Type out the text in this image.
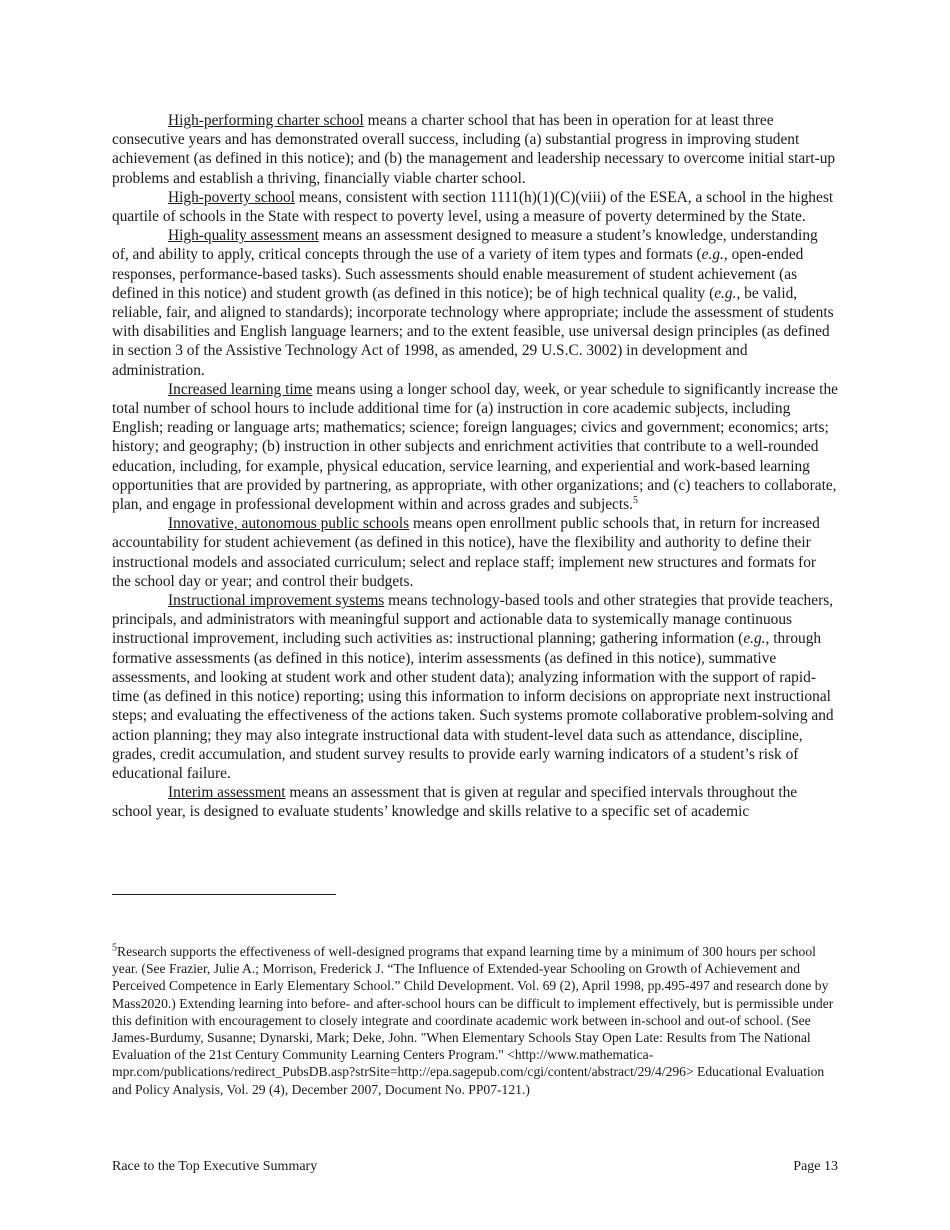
High-performing charter school means a charter school that has been in operation for at least three consecutive years and has demonstrated overall success, including (a) substantial progress in improving student achievement (as defined in this notice); and (b) the management and leadership necessary to overcome initial start-up problems and establish a thriving, financially viable charter school.

High-poverty school means, consistent with section 1111(h)(1)(C)(viii) of the ESEA, a school in the highest quartile of schools in the State with respect to poverty level, using a measure of poverty determined by the State.

High-quality assessment means an assessment designed to measure a student’s knowledge, understanding of, and ability to apply, critical concepts through the use of a variety of item types and formats (e.g., open-ended responses, performance-based tasks). Such assessments should enable measurement of student achievement (as defined in this notice) and student growth (as defined in this notice); be of high technical quality (e.g., be valid, reliable, fair, and aligned to standards); incorporate technology where appropriate; include the assessment of students with disabilities and English language learners; and to the extent feasible, use universal design principles (as defined in section 3 of the Assistive Technology Act of 1998, as amended, 29 U.S.C. 3002) in development and administration.

Increased learning time means using a longer school day, week, or year schedule to significantly increase the total number of school hours to include additional time for (a) instruction in core academic subjects, including English; reading or language arts; mathematics; science; foreign languages; civics and government; economics; arts; history; and geography; (b) instruction in other subjects and enrichment activities that contribute to a well-rounded education, including, for example, physical education, service learning, and experiential and work-based learning opportunities that are provided by partnering, as appropriate, with other organizations; and (c) teachers to collaborate, plan, and engage in professional development within and across grades and subjects.$^5$

Innovative, autonomous public schools means open enrollment public schools that, in return for increased accountability for student achievement (as defined in this notice), have the flexibility and authority to define their instructional models and associated curriculum; select and replace staff; implement new structures and formats for the school day or year; and control their budgets.

Instructional improvement systems means technology-based tools and other strategies that provide teachers, principals, and administrators with meaningful support and actionable data to systemically manage continuous instructional improvement, including such activities as: instructional planning; gathering information (e.g., through formative assessments (as defined in this notice), interim assessments (as defined in this notice), summative assessments, and looking at student work and other student data); analyzing information with the support of rapid-time (as defined in this notice) reporting; using this information to inform decisions on appropriate next instructional steps; and evaluating the effectiveness of the actions taken. Such systems promote collaborative problem-solving and action planning; they may also integrate instructional data with student-level data such as attendance, discipline, grades, credit accumulation, and student survey results to provide early warning indicators of a student’s risk of educational failure.

Interim assessment means an assessment that is given at regular and specified intervals throughout the school year, is designed to evaluate students’ knowledge and skills relative to a specific set of academic

$^5$Research supports the effectiveness of well-designed programs that expand learning time by a minimum of 300 hours per school year. (See Frazier, Julie A.; Morrison, Frederick J. “The Influence of Extended-year Schooling on Growth of Achievement and Perceived Competence in Early Elementary School.” Child Development. Vol. 69 (2), April 1998, pp.495-497 and research done by Mass2020.) Extending learning into before- and after-school hours can be difficult to implement effectively, but is permissible under this definition with encouragement to closely integrate and coordinate academic work between in-school and out-of school. (See James-Burdumy, Susanne; Dynarski, Mark; Deke, John. "When Elementary Schools Stay Open Late: Results from The National Evaluation of the 21st Century Community Learning Centers Program." <http://www.mathematica-mpr.com/publications/redirect_PubsDB.asp?strSite=http://epa.sagepub.com/cgi/content/abstract/29/4/296> Educational Evaluation and Policy Analysis, Vol. 29 (4), December 2007, Document No. PP07-121.)

Race to the Top Executive Summary	Page 13
